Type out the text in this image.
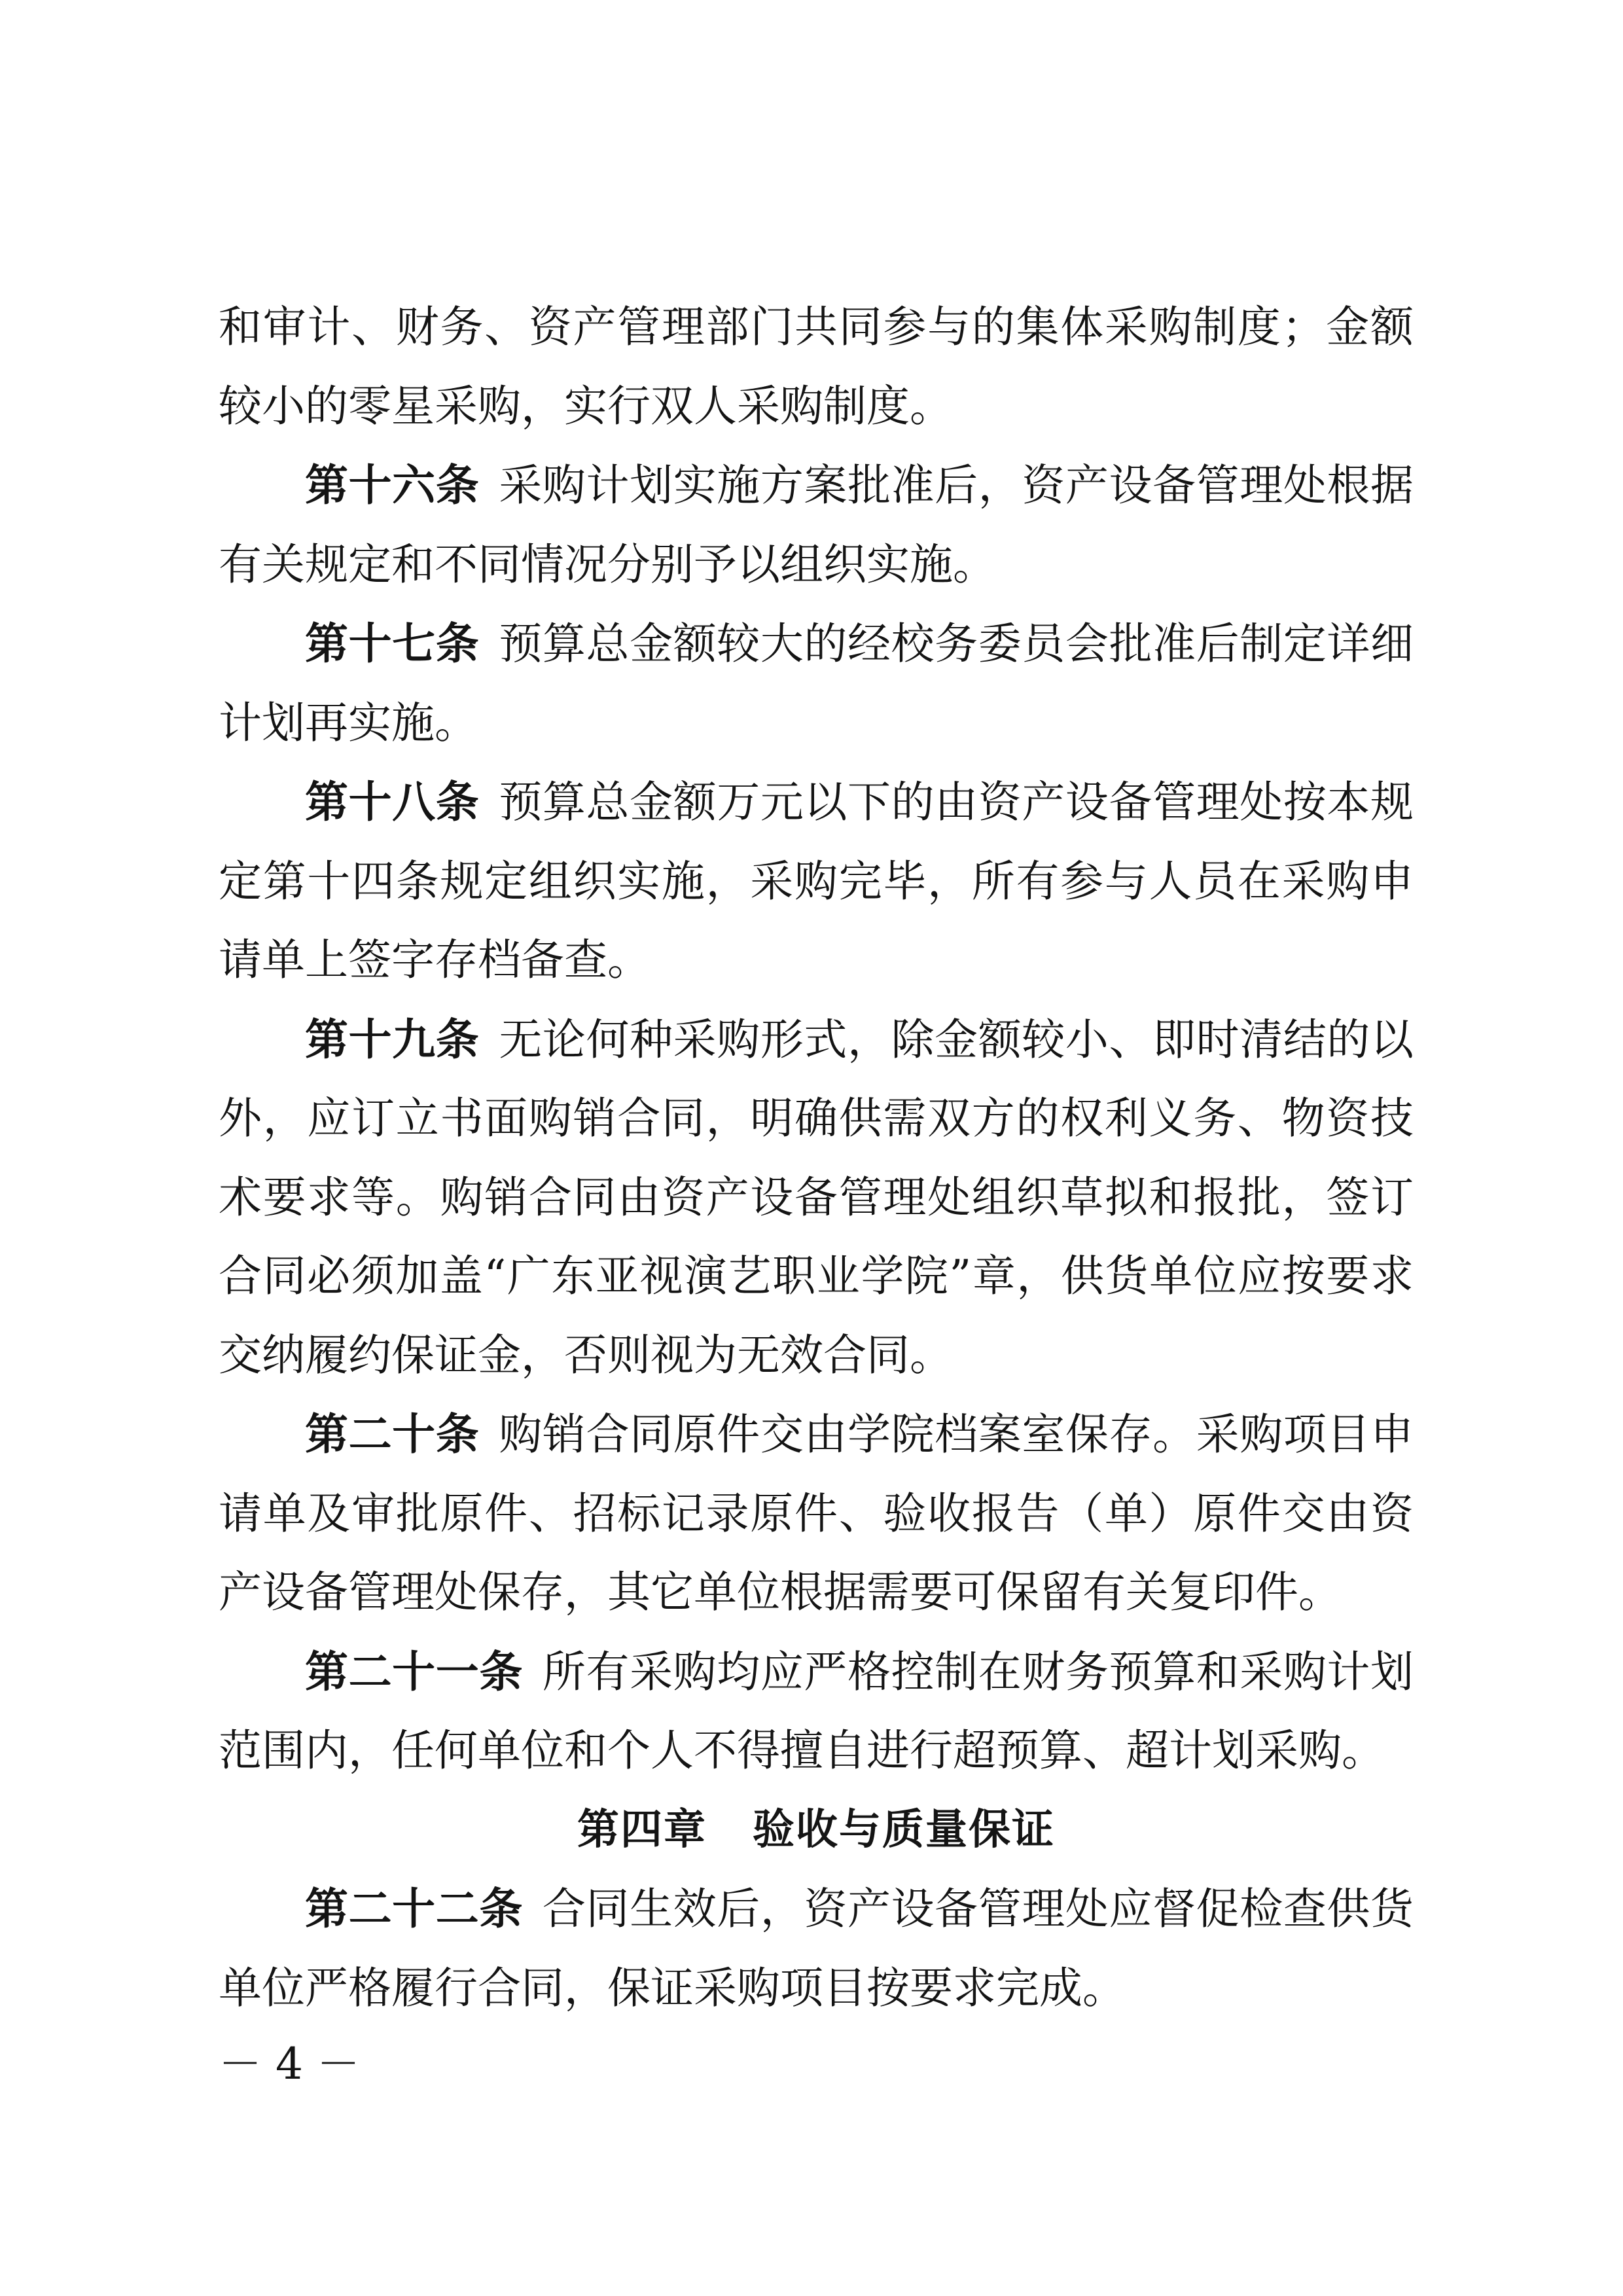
和审计、财务、资产管理部门共同参与的集体采购制度；金额较小的零星采购，实行双人采购制度。

第十六条 采购计划实施方案批准后，资产设备管理处根据有关规定和不同情况分别予以组织实施。

第十七条 预算总金额较大的经校务委员会批准后制定详细计划再实施。

第十八条 预算总金额万元以下的由资产设备管理处按本规定第十四条规定组织实施，采购完毕，所有参与人员在采购申请单上签字存档备查。

第十九条 无论何种采购形式，除金额较小、即时清结的以外，应订立书面购销合同，明确供需双方的权利义务、物资技术要求等。购销合同由资产设备管理处组织草拟和报批，签订合同必须加盖“广东亚视演艺职业学院”章，供货单位应按要求交纳履约保证金，否则视为无效合同。

第二十条 购销合同原件交由学院档案室保存。采购项目申请单及审批原件、招标记录原件、验收报告（单）原件交由资产设备管理处保存，其它单位根据需要可保留有关复印件。

第二十一条 所有采购均应严格控制在财务预算和采购计划范围内，任何单位和个人不得擅自进行超预算、超计划采购。

第四章 验收与质量保证

第二十二条 合同生效后，资产设备管理处应督促检查供货单位严格履行合同，保证采购项目按要求完成。

－ 4 －
